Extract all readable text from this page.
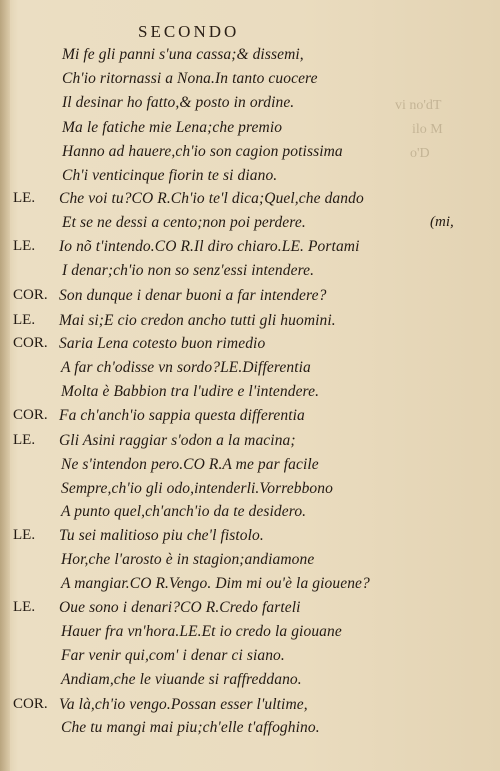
SECONDO
Mi fe gli panni s'una cassa;& dissemi,
Ch'io ritornassi a Nona.In tanto cuocere
Il desinar ho fatto,& posto in ordine.
Ma le fatiche mie Lena;che premio
Hanno ad hauere,ch'io son cagion potissima
Ch'i venticinque fiorin te si diano.
LE. Che voi tu?CO R.Ch'io te'l dica;Quel,che dando
Et se ne dessi a cento;non poi perdere.
LE. Io nõ t'intendo.CO R.Il diro chiaro.LE. Portami
I denar;ch'io non so senz'essi intendere.
COR. Son dunque i denar buoni a far intendere?
LE. Mai si;E cio credon ancho tutti gli huomini.
COR. Saria Lena cotesto buon rimedio
A far ch'odisse vn sordo?LE.Differentia
Molta è Babbion tra l'udire e l'intendere.
COR. Fa ch'anch'io sappia questa differentia
LE. Gli Asini raggiar s'odon a la macina;
Ne s'intendon pero.CO R.A me par facile
Sempre,ch'io gli odo,intenderli.Vorrebbono
A punto quel,ch'anch'io da te desidero.
LE. Tu sei malitioso piu che'l fistolo.
Hor,che l'arosto è in stagion;andiamone
A mangiar.CO R.Vengo. Dim mi ou'è la giouene?
LE. Oue sono i denari?CO R.Credo farteli
Hauer fra vn'hora.LE.Et io credo la giouane
Far venir qui,com' i denar ci siano.
Andiam,che le viuande si raffreddano.
COR. Va là,ch'io vengo.Possan esser l'ultime,
Che tu mangi mai piu;ch'elle t'affoghino.
(mi,
vi no'dT
ilo M
o'D
